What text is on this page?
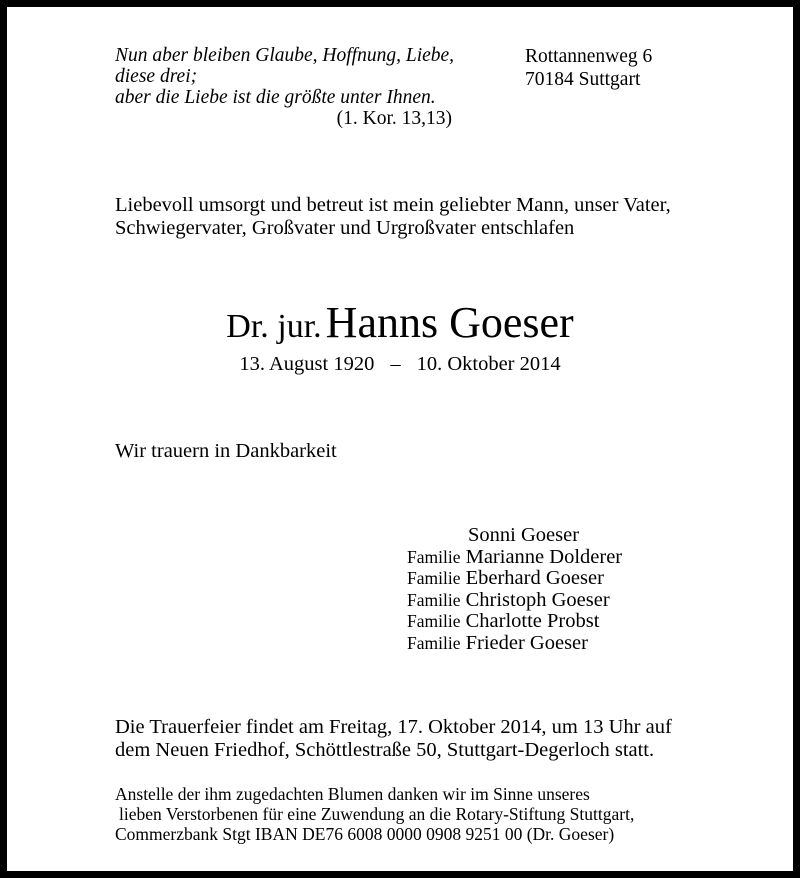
Nun aber bleiben Glaube, Hoffnung, Liebe,
diese drei;
aber die Liebe ist die größte unter Ihnen.
(1. Kor. 13,13)
Rottannenweg 6
70184 Suttgart
Liebevoll umsorgt und betreut ist mein geliebter Mann, unser Vater,
Schwiegervater, Großvater und Urgroßvater entschlafen
Dr. jur. Hanns Goeser
13. August 1920 – 10. Oktober 2014
Wir trauern in Dankbarkeit
Sonni Goeser
Familie Marianne Dolderer
Familie Eberhard Goeser
Familie Christoph Goeser
Familie Charlotte Probst
Familie Frieder Goeser
Die Trauerfeier findet am Freitag, 17. Oktober 2014, um 13 Uhr auf
dem Neuen Friedhof, Schöttlestraße 50, Stuttgart-Degerloch statt.
Anstelle der ihm zugedachten Blumen danken wir im Sinne unseres
lieben Verstorbenen für eine Zuwendung an die Rotary-Stiftung Stuttgart,
Commerzbank Stgt IBAN DE76 6008 0000 0908 9251 00 (Dr. Goeser)
